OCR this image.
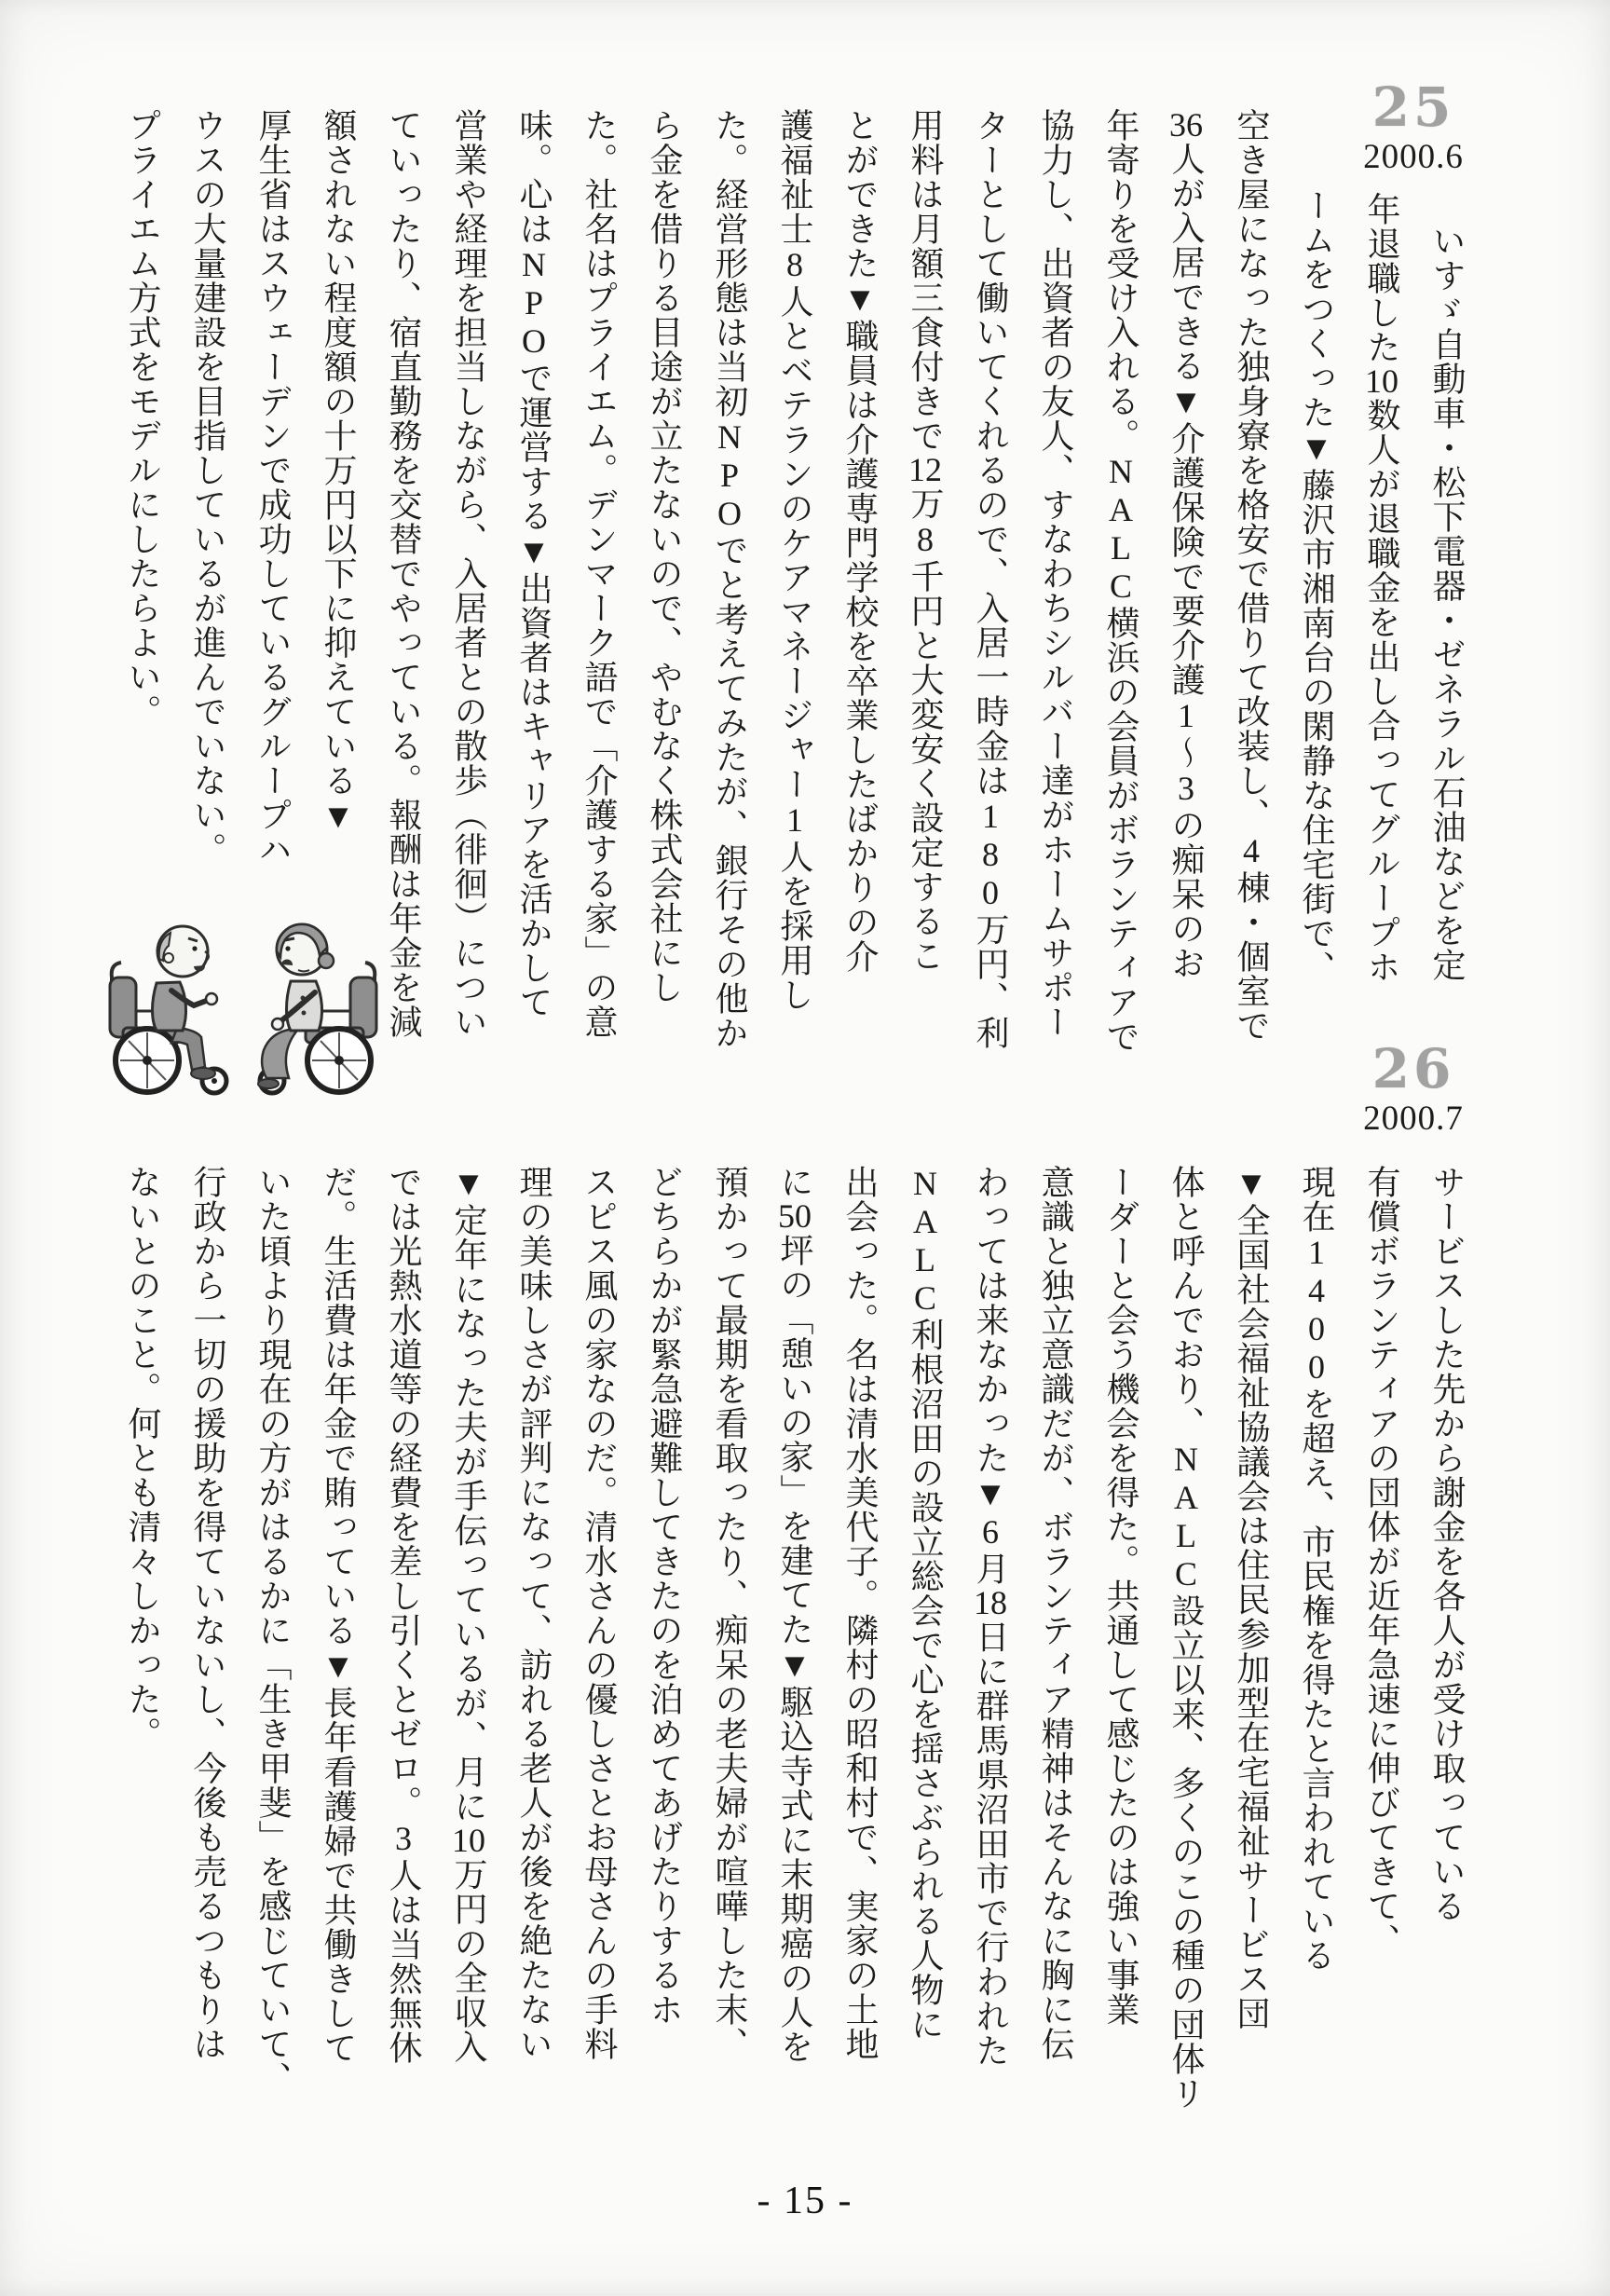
25
2000.6
いすゞ自動車・松下電器・ゼネラル石油などを定
年退職した10数人が退職金を出し合ってグループホ
ームをつくった▼藤沢市湘南台の閑静な住宅街で、
空き屋になった独身寮を格安で借りて改装し、4棟・個室で
36人が入居できる▼介護保険で要介護1〜3の痴呆のお
年寄りを受け入れる。NALC横浜の会員がボランティアで
協力し、出資者の友人、すなわちシルバー達がホームサポー
ターとして働いてくれるので、入居一時金は180万円、利
用料は月額三食付きで12万8千円と大変安く設定するこ
とができた▼職員は介護専門学校を卒業したばかりの介
護福祉士8人とベテランのケアマネージャー1人を採用し
た。経営形態は当初NPOでと考えてみたが、銀行その他か
ら金を借りる目途が立たないので、やむなく株式会社にし
た。社名はプライエム。デンマーク語で「介護する家」の意
味。心はNPOで運営する▼出資者はキャリアを活かして
営業や経理を担当しながら、入居者との散歩（徘徊）につい
ていったり、宿直勤務を交替でやっている。報酬は年金を減
額されない程度額の十万円以下に抑えている▼
厚生省はスウェーデンで成功しているグループハ
ウスの大量建設を目指しているが進んでいない。
プライエム方式をモデルにしたらよい。
26
2000.7
サービスした先から謝金を各人が受け取っている
有償ボランティアの団体が近年急速に伸びてきて、
現在1400を超え、市民権を得たと言われている
▼全国社会福祉協議会は住民参加型在宅福祉サービス団
体と呼んでおり、NALC設立以来、多くのこの種の団体リ
ーダーと会う機会を得た。共通して感じたのは強い事業
意識と独立意識だが、ボランティア精神はそんなに胸に伝
わっては来なかった▼6月18日に群馬県沼田市で行われた
NALC利根沼田の設立総会で心を揺さぶられる人物に
出会った。名は清水美代子。隣村の昭和村で、実家の土地
に50坪の「憩いの家」を建てた▼駆込寺式に末期癌の人を
預かって最期を看取ったり、痴呆の老夫婦が喧嘩した末、
どちらかが緊急避難してきたのを泊めてあげたりするホ
スピス風の家なのだ。清水さんの優しさとお母さんの手料
理の美味しさが評判になって、訪れる老人が後を絶たない
▼定年になった夫が手伝っているが、月に10万円の全収入
では光熱水道等の経費を差し引くとゼロ。3人は当然無休
だ。生活費は年金で賄っている▼長年看護婦で共働きして
いた頃より現在の方がはるかに「生き甲斐」を感じていて、
行政から一切の援助を得ていないし、今後も売るつもりは
ないとのこと。何とも清々しかった。
- 15 -
